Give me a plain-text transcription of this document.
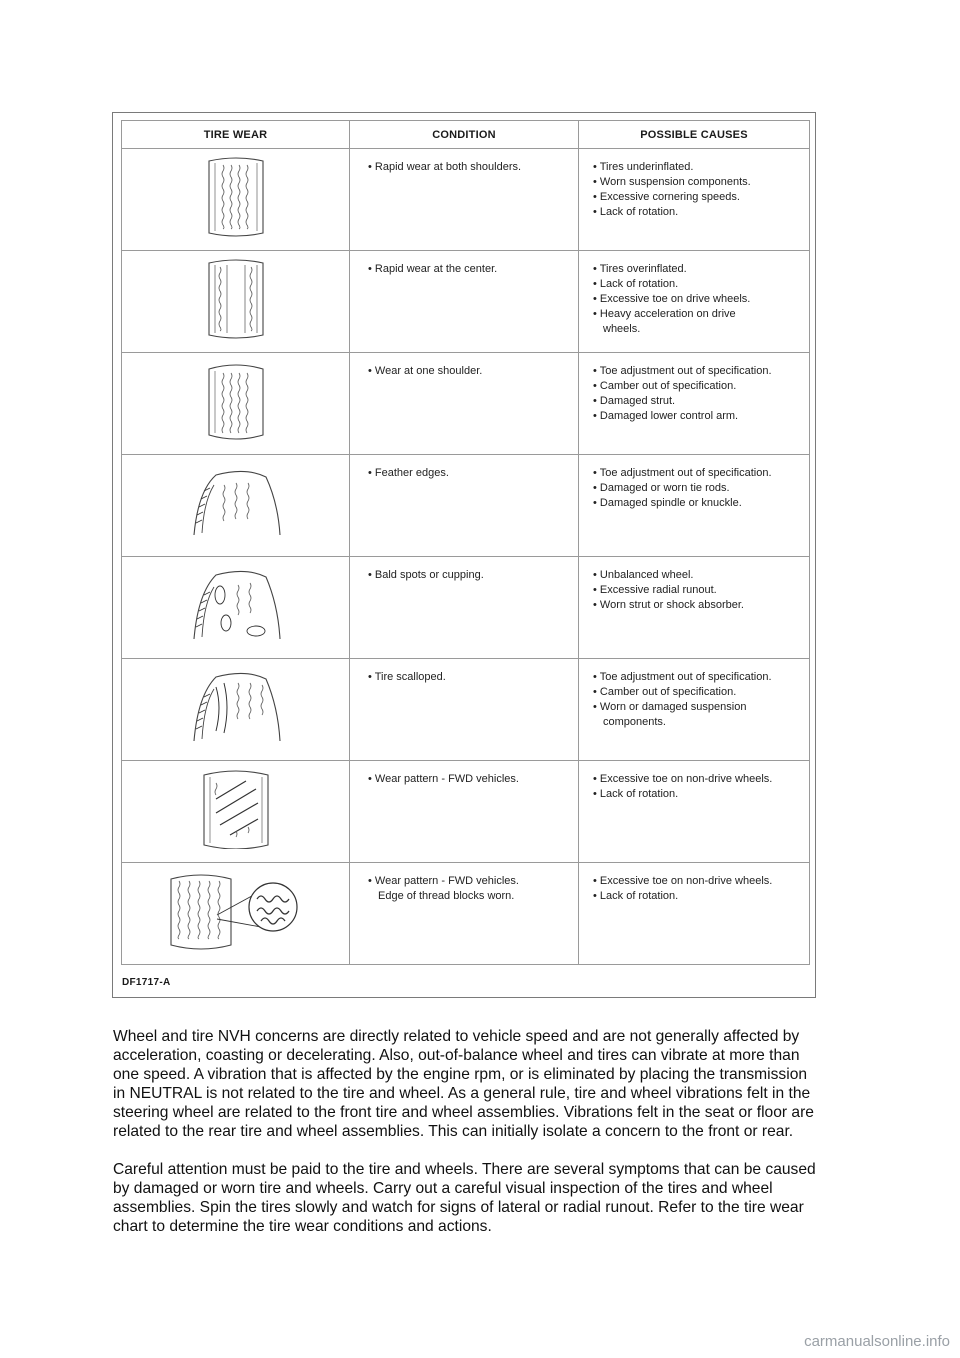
TIRE WEAR	CONDITION	POSSIBLE CAUSES

• Rapid wear at both shoulders.	• Tires underinflated.
• Worn suspension components.
• Excessive cornering speeds.
• Lack of rotation.

• Rapid wear at the center.	• Tires overinflated.
• Lack of rotation.
• Excessive toe on drive wheels.
• Heavy acceleration on drive
wheels.

• Wear at one shoulder.	• Toe adjustment out of specification.
• Camber out of specification.
• Damaged strut.
• Damaged lower control arm.

• Feather edges.	• Toe adjustment out of specification.
• Damaged or worn tie rods.
• Damaged spindle or knuckle.

• Bald spots or cupping.	• Unbalanced wheel.
• Excessive radial runout.
• Worn strut or shock absorber.

• Tire scalloped.	• Toe adjustment out of specification.
• Camber out of specification.
• Worn or damaged suspension
components.

• Wear pattern - FWD vehicles.	• Excessive toe on non-drive wheels.
• Lack of rotation.

• Wear pattern - FWD vehicles.
Edge of thread blocks worn.	• Excessive toe on non-drive wheels.
• Lack of rotation.
DF1717-A
Wheel and tire NVH concerns are directly related to vehicle speed and are not generally affected by
acceleration, coasting or decelerating. Also, out-of-balance wheel and tires can vibrate at more than
one speed. A vibration that is affected by the engine rpm, or is eliminated by placing the transmission
in NEUTRAL is not related to the tire and wheel. As a general rule, tire and wheel vibrations felt in the
steering wheel are related to the front tire and wheel assemblies. Vibrations felt in the seat or floor are
related to the rear tire and wheel assemblies. This can initially isolate a concern to the front or rear.
Careful attention must be paid to the tire and wheels. There are several symptoms that can be caused
by damaged or worn tire and wheels. Carry out a careful visual inspection of the tires and wheel
assemblies. Spin the tires slowly and watch for signs of lateral or radial runout. Refer to the tire wear
chart to determine the tire wear conditions and actions.
carmanualsonline.info
